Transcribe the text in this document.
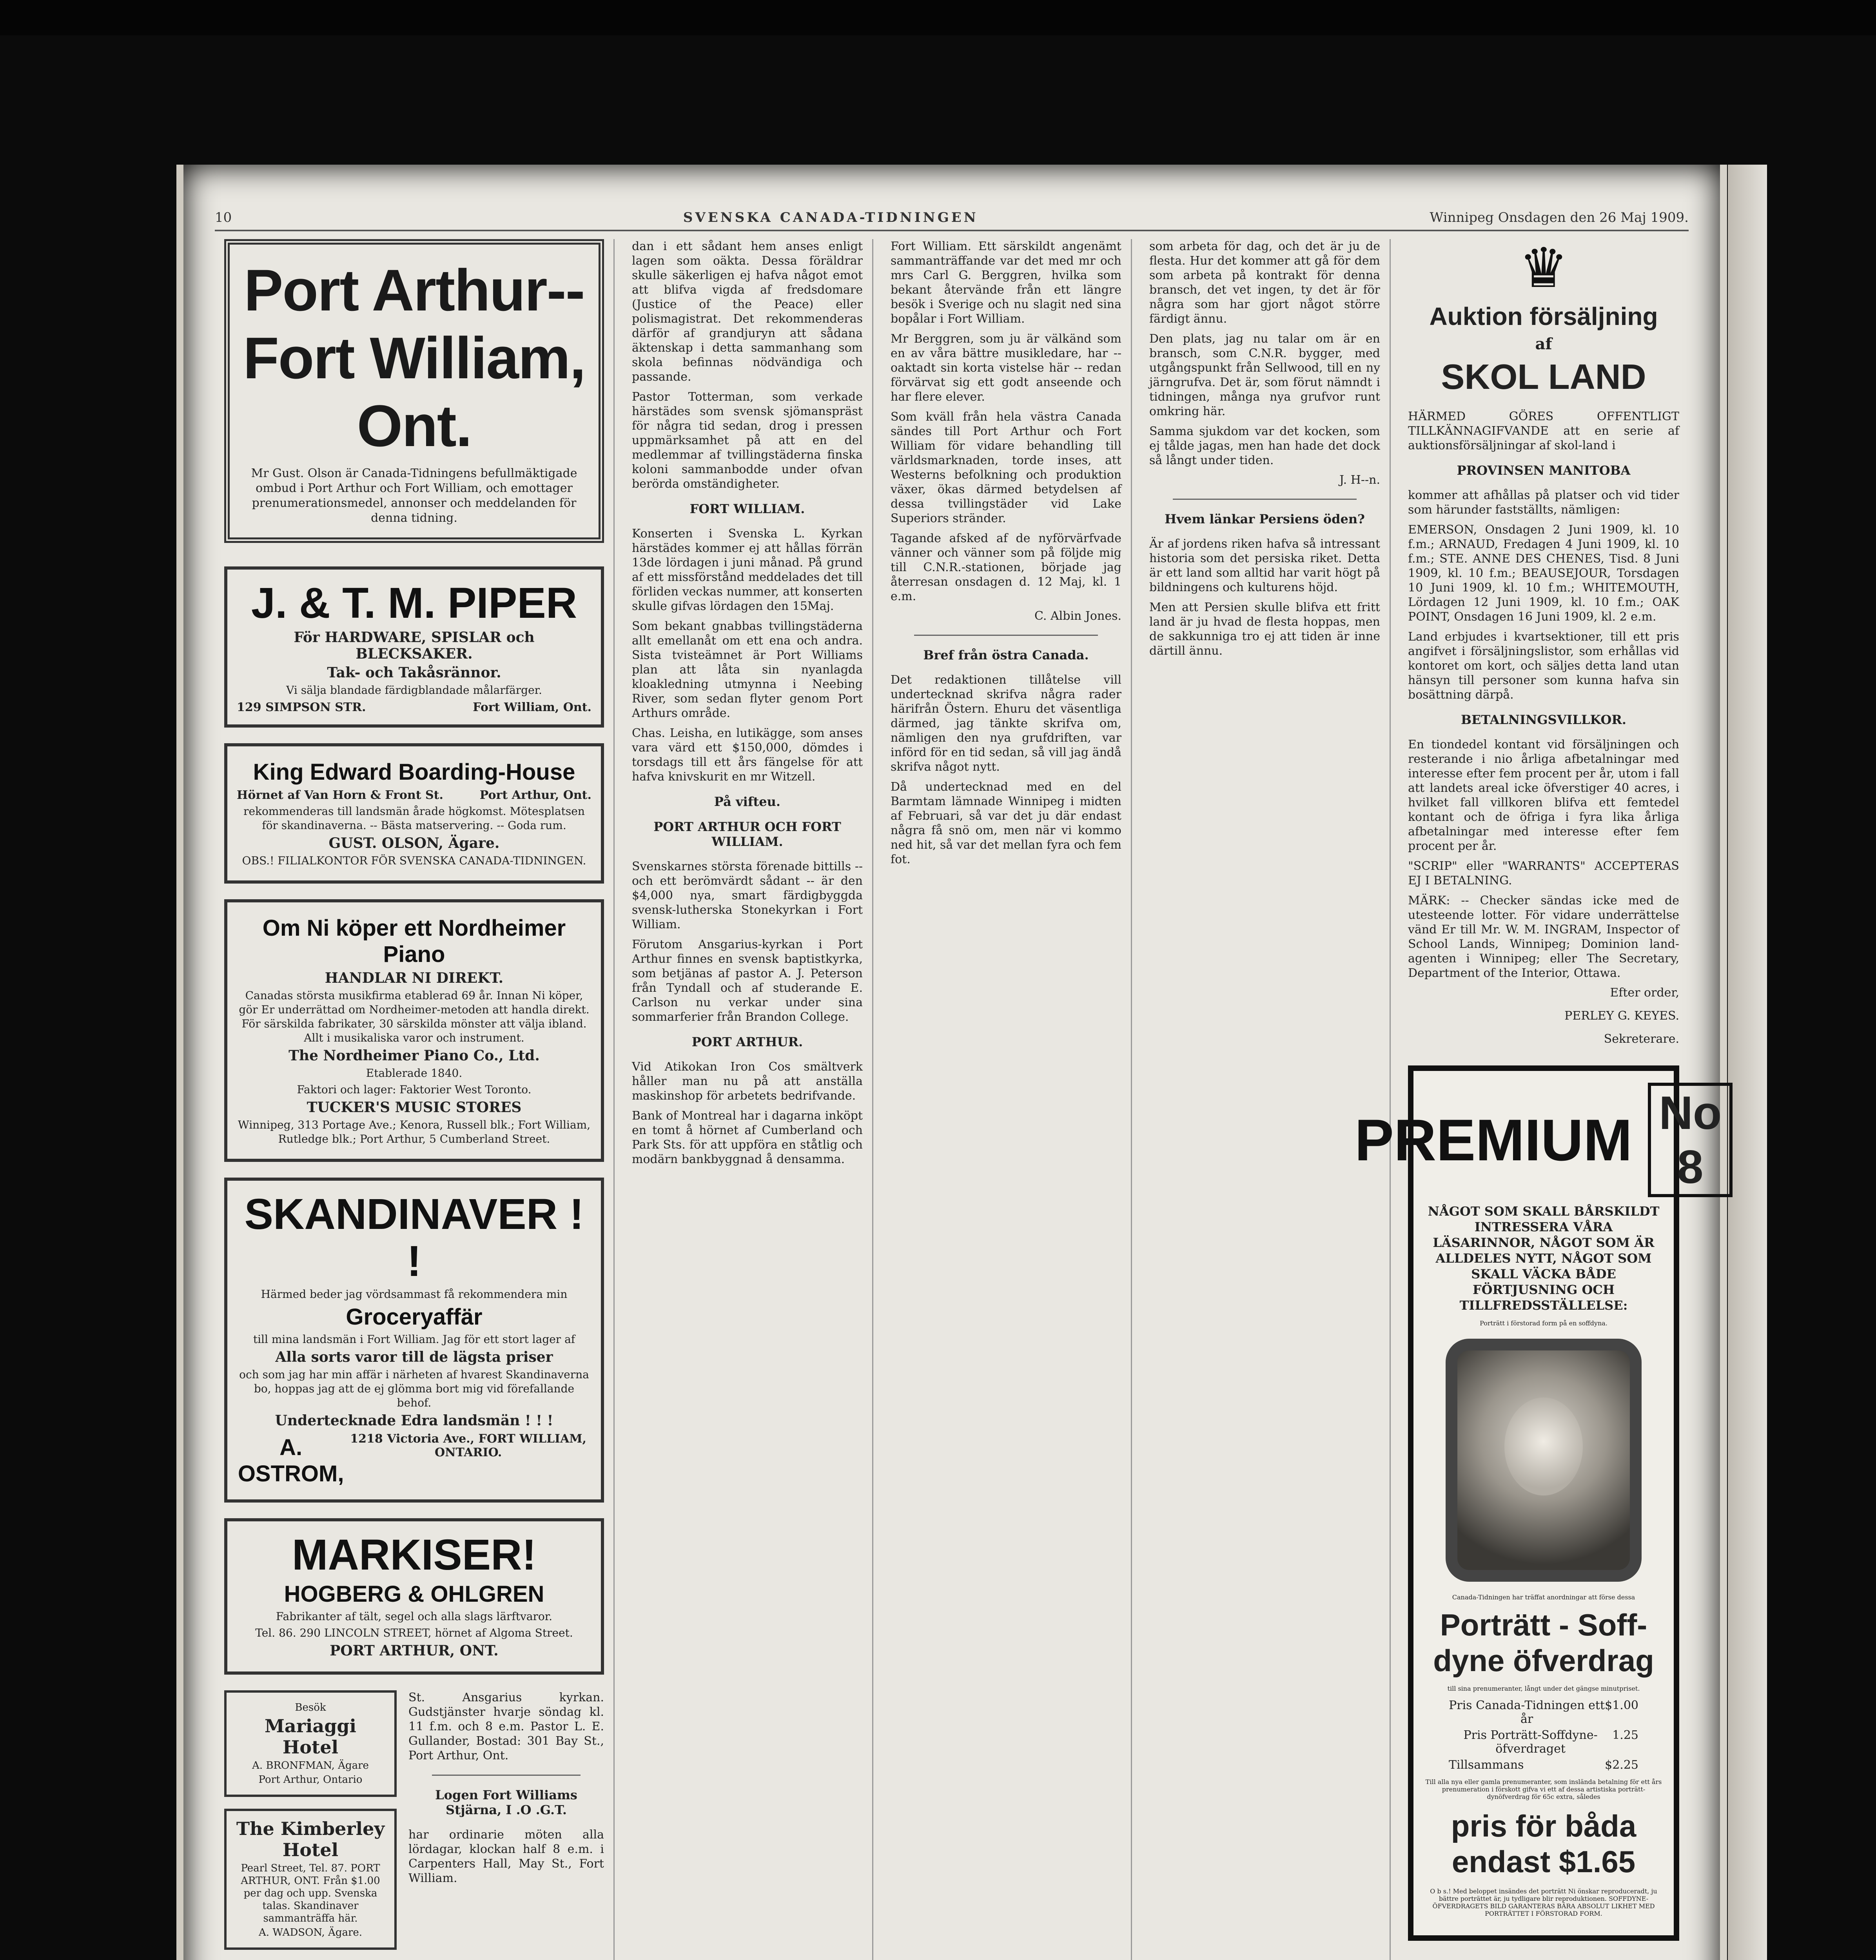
10	SVENSKA CANADA-TIDNINGEN	Winnipeg Onsdagen den 26 Maj 1909.
Port Arthur--Fort William, Ont.

Mr Gust. Olson är Canada-Tidningens befullmäktigade ombud i Port Arthur och Fort William, och emottager prenumerationsmedel, annonser och meddelanden för denna tidning.

J. & T. M. PIPER

För HARDWARE, SPISLAR och BLECKSAKER.

Tak- och Takåsrännor.

Vi sälja blandade färdigblandade målarfärger.

129 SIMPSON STR.	Fort William, Ont.

King Edward Boarding-House

Hörnet af Van Horn & Front St.	Port Arthur, Ont.

rekommenderas till landsmän årade högkomst. Mötesplatsen för skandinaverna. -- Bästa matservering. -- Goda rum.

GUST. OLSON, Ägare.

OBS.! FILIALKONTOR FÖR SVENSKA CANADA-TIDNINGEN.

Om Ni köper ett Nordheimer Piano

HANDLAR NI DIREKT.

Canadas största musikfirma etablerad 69 år. Innan Ni köper, gör Er underrättad om Nordheimer-metoden att handla direkt. För särskilda fabrikater, 30 särskilda mönster att välja ibland. Allt i musikaliska varor och instrument.

The Nordheimer Piano Co., Ltd.

Etablerade 1840.

Faktori och lager: Faktorier West Toronto.

TUCKER'S MUSIC STORES

Winnipeg, 313 Portage Ave.; Kenora, Russell blk.; Fort William, Rutledge blk.; Port Arthur, 5 Cumberland Street.

SKANDINAVER ! !

Härmed beder jag vördsammast få rekommendera min

Groceryaffär

till mina landsmän i Fort William. Jag för ett stort lager af

Alla sorts varor till de lägsta priser

och som jag har min affär i närheten af hvarest Skandinaverna bo, hoppas jag att de ej glömma bort mig vid förefallande behof.

Undertecknade Edra landsmän ! ! !

A. OSTROM,
1218 Victoria Ave., FORT WILLIAM, ONTARIO.

MARKISER!

HOGBERG & OHLGREN

Fabrikanter af tält, segel och alla slags lärftvaror.

Tel. 86. 290 LINCOLN STREET, hörnet af Algoma Street.

PORT ARTHUR, ONT.

Besök

Mariaggi Hotel

A. BRONFMAN, Ägare

Port Arthur, Ontario

The Kimberley Hotel

Pearl Street, Tel. 87. PORT ARTHUR, ONT. Från $1.00 per dag och upp. Svenska talas. Skandinaver sammanträffa här.

A. WADSON, Ägare.

St. Ansgarius kyrkan. Gudstjänster hvarje söndag kl. 11 f.m. och 8 e.m. Pastor L. E. Gullander, Bostad: 301 Bay St., Port Arthur, Ont.

Logen Fort Williams Stjärna, I .O .G.T.

har ordinarie möten alla lördagar, klockan half 8 e.m. i Carpenters Hall, May St., Fort William.

dan i ett sådant hem anses enligt lagen som oäkta. Dessa föräldrar skulle säkerligen ej hafva något emot att blifva vigda af fredsdomare (Justice of the Peace) eller polismagistrat. Det rekommenderas därför af grandjuryn att sådana äktenskap i detta sammanhang som skola befinnas nödvändiga och passande.

Pastor Totterman, som verkade härstädes som svensk sjömanspräst för några tid sedan, drog i pressen uppmärksamhet på att en del medlemmar af tvillingstäderna finska koloni sammanbodde under ofvan berörda omständigheter.

FORT WILLIAM.

Konserten i Svenska L. Kyrkan härstädes kommer ej att hållas förrän 13de lördagen i juni månad. På grund af ett missförstånd meddelades det till förliden veckas nummer, att konserten skulle gifvas lördagen den 15Maj.

Som bekant gnabbas tvillingstäderna allt emellanåt om ett ena och andra. Sista tvisteämnet är Port Williams plan att låta sin nyanlagda kloakledning utmynna i Neebing River, som sedan flyter genom Port Arthurs område.

Chas. Leisha, en lutikägge, som anses vara värd ett $150,000, dömdes i torsdags till ett års fängelse för att hafva knivskurit en mr Witzell.

På vifteu.

PORT ARTHUR OCH FORT WILLIAM.

Svenskarnes största förenade bittills -- och ett berömvärdt sådant -- är den $4,000 nya, smart färdigbyggda svensk-lutherska Stonekyrkan i Fort William.

Förutom Ansgarius-kyrkan i Port Arthur finnes en svensk baptistkyrka, som betjänas af pastor A. J. Peterson från Tyndall och af studerande E. Carlson nu verkar under sina sommarferier från Brandon College.

PORT ARTHUR.

Vid Atikokan Iron Cos smältverk håller man nu på att anställa maskinshop för arbetets bedrifvande.

Bank of Montreal har i dagarna inköpt en tomt å hörnet af Cumberland och Park Sts. för att uppföra en ståtlig och modärn bankbyggnad å densamma.

Fort William. Ett särskildt angenämt sammanträffande var det med mr och mrs Carl G. Berggren, hvilka som bekant återvände från ett längre besök i Sverige och nu slagit ned sina bopålar i Fort William.

Mr Berggren, som ju är välkänd som en av våra bättre musikledare, har -- oaktadt sin korta vistelse här -- redan förvärvat sig ett godt anseende och har flere elever.

Som kväll från hela västra Canada sändes till Port Arthur och Fort William för vidare behandling till världsmarknaden, torde inses, att Westerns befolkning och produktion växer, ökas därmed betydelsen af dessa tvillingstäder vid Lake Superiors stränder.

Tagande afsked af de nyförvärfvade vänner och vänner som på följde mig till C.N.R.-stationen, började jag återresan onsdagen d. 12 Maj, kl. 1 e.m.

C. Albin Jones.

Bref från östra Canada.

Det redaktionen tillåtelse vill undertecknad skrifva några rader härifrån Östern. Ehuru det väsentliga därmed, jag tänkte skrifva om, nämligen den nya grufdriften, var införd för en tid sedan, så vill jag ändå skrifva något nytt.

Då undertecknad med en del Barmtam lämnade Winnipeg i midten af Februari, så var det ju där endast några få snö om, men när vi kommo ned hit, så var det mellan fyra och fem fot.

som arbeta för dag, och det är ju de flesta. Hur det kommer att gå för dem som arbeta på kontrakt för denna bransch, det vet ingen, ty det är för några som har gjort något större färdigt ännu.

Den plats, jag nu talar om är en bransch, som C.N.R. bygger, med utgångspunkt från Sellwood, till en ny järngrufva. Det är, som förut nämndt i tidningen, många nya grufvor runt omkring här.

Samma sjukdom var det kocken, som ej tålde jagas, men han hade det dock så långt under tiden.

J. H--n.

Hvem länkar Persiens öden?

Är af jordens riken hafva så intressant historia som det persiska riket. Detta är ett land som alltid har varit högt på bildningens och kulturens höjd.

Men att Persien skulle blifva ett fritt land är ju hvad de flesta hoppas, men de sakkunniga tro ej att tiden är inne därtill ännu.

♛
Auktion försäljning
af
SKOL LAND

HÄRMED GÖRES OFFENTLIGT TILLKÄNNAGIFVANDE att en serie af auktionsförsäljningar af skol-land i

PROVINSEN MANITOBA

kommer att afhållas på platser och vid tider som härunder fastställts, nämligen:

EMERSON, Onsdagen 2 Juni 1909, kl. 10 f.m.; ARNAUD, Fredagen 4 Juni 1909, kl. 10 f.m.; STE. ANNE DES CHENES, Tisd. 8 Juni 1909, kl. 10 f.m.; BEAUSEJOUR, Torsdagen 10 Juni 1909, kl. 10 f.m.; WHITEMOUTH, Lördagen 12 Juni 1909, kl. 10 f.m.; OAK POINT, Onsdagen 16 Juni 1909, kl. 2 e.m.

Land erbjudes i kvartsektioner, till ett pris angifvet i försäljningslistor, som erhållas vid kontoret om kort, och säljes detta land utan hänsyn till personer som kunna hafva sin bosättning därpå.

BETALNINGSVILLKOR.

En tiondedel kontant vid försäljningen och resterande i nio årliga afbetalningar med interesse efter fem procent per år, utom i fall att landets areal icke öfverstiger 40 acres, i hvilket fall villkoren blifva ett femtedel kontant och de öfriga i fyra lika årliga afbetalningar med interesse efter fem procent per år.

"SCRIP" eller "WARRANTS" ACCEPTERAS EJ I BETALNING.

MÄRK: -- Checker sändas icke med de utesteende lotter. För vidare underrättelse vänd Er till Mr. W. M. INGRAM, Inspector of School Lands, Winnipeg; Dominion land-agenten i Winnipeg; eller The Secretary, Department of the Interior, Ottawa.

Efter order,

PERLEY G. KEYES.

Sekreterare.

PREMIUM No 8

NÅGOT SOM SKALL BÅRSKILDT INTRESSERA VÅRA LÄSARINNOR, NÅGOT SOM ÄR ALLDELES NYTT, NÅGOT SOM SKALL VÄCKA BÅDE FÖRTJUSNING OCH TILLFREDSSTÄLLELSE:

Porträtt i förstorad form på en soffdyna.

Canada-Tidningen har träffat anordningar att förse dessa

Porträtt - Soff-dyne öfverdrag

till sina prenumeranter, långt under det gängse minutpriset.

Pris Canada-Tidningen ett år
$1.00
Pris Porträtt-Soffdyne-öfverdraget
1.25
Tillsammans	$2.25

Till alla nya eller gamla prenumeranter, som inslända betalning för ett års prenumeration i förskott gifva vi ett af dessa artistiska porträtt-dynöfverdrag för 65c extra, således

pris för båda endast $1.65

O b s.! Med beloppet insändes det porträtt Ni önskar reproduceradt, ju bättre porträttet är, ju tydligare blir reproduktionen. SOFFDYNE-ÖFVERDRAGETS BILD GARANTERAS BÄRA ABSOLUT LIKHET MED PORTRÄTTET I FÖRSTORAD FORM.
